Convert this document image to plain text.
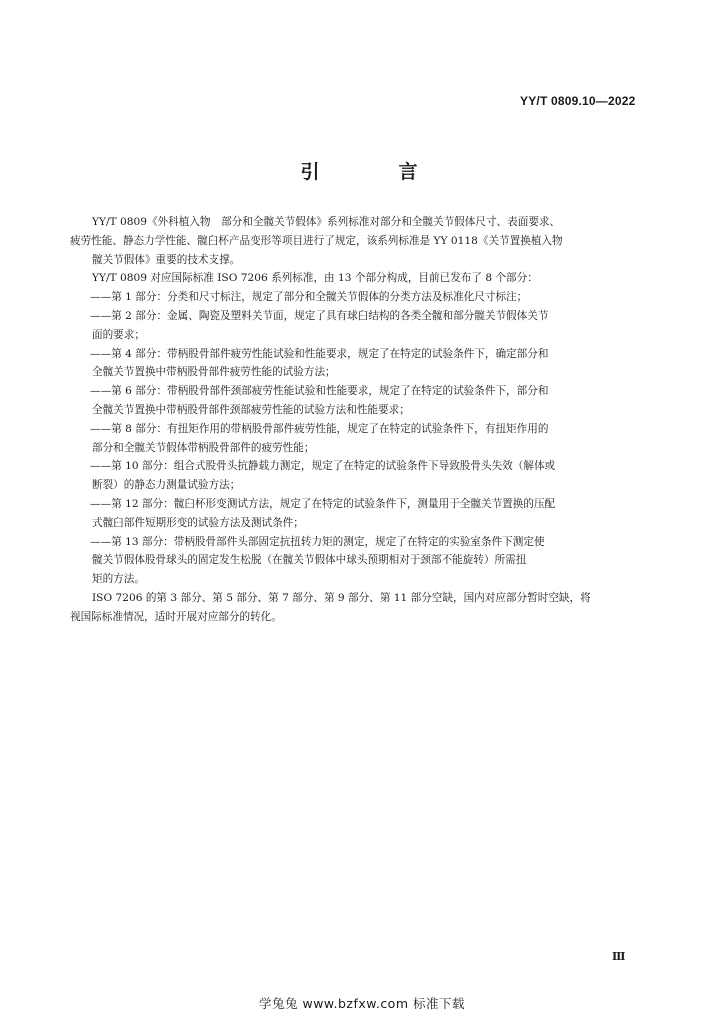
YY/T 0809.10—2022
引　言
YY/T 0809《外科植入物　部分和全髋关节假体》系列标准对部分和全髋关节假体尺寸、表面要求、
疲劳性能、静态力学性能、髋臼杯产品变形等项目进行了规定，该系列标准是 YY 0118《关节置换植入物
髋关节假体》重要的技术支撑。
YY/T 0809 对应国际标准 ISO 7206 系列标准，由 13 个部分构成，目前已发布了 8 个部分：
——第 1 部分：分类和尺寸标注，规定了部分和全髋关节假体的分类方法及标准化尺寸标注；
——第 2 部分：金属、陶瓷及塑料关节面，规定了具有球臼结构的各类全髋和部分髋关节假体关节
面的要求；
——第 4 部分：带柄股骨部件疲劳性能试验和性能要求，规定了在特定的试验条件下，确定部分和
全髋关节置换中带柄股骨部件疲劳性能的试验方法；
——第 6 部分：带柄股骨部件颈部疲劳性能试验和性能要求，规定了在特定的试验条件下，部分和
全髋关节置换中带柄股骨部件颈部疲劳性能的试验方法和性能要求；
——第 8 部分：有扭矩作用的带柄股骨部件疲劳性能，规定了在特定的试验条件下，有扭矩作用的
部分和全髋关节假体带柄股骨部件的疲劳性能；
——第 10 部分：组合式股骨头抗静载力测定，规定了在特定的试验条件下导致股骨头失效（解体或
断裂）的静态力测量试验方法；
——第 12 部分：髋臼杯形变测试方法，规定了在特定的试验条件下，测量用于全髋关节置换的压配
式髋臼部件短期形变的试验方法及测试条件；
——第 13 部分：带柄股骨部件头部固定抗扭转力矩的测定，规定了在特定的实验室条件下测定使
髋关节假体股骨球头的固定发生松脱（在髋关节假体中球头预期相对于颈部不能旋转）所需扭
矩的方法。
ISO 7206 的第 3 部分、第 5 部分、第 7 部分、第 9 部分、第 11 部分空缺，国内对应部分暂时空缺，将
视国际标准情况，适时开展对应部分的转化。
Ⅲ
学兔兔 www.bzfxw.com 标准下载
